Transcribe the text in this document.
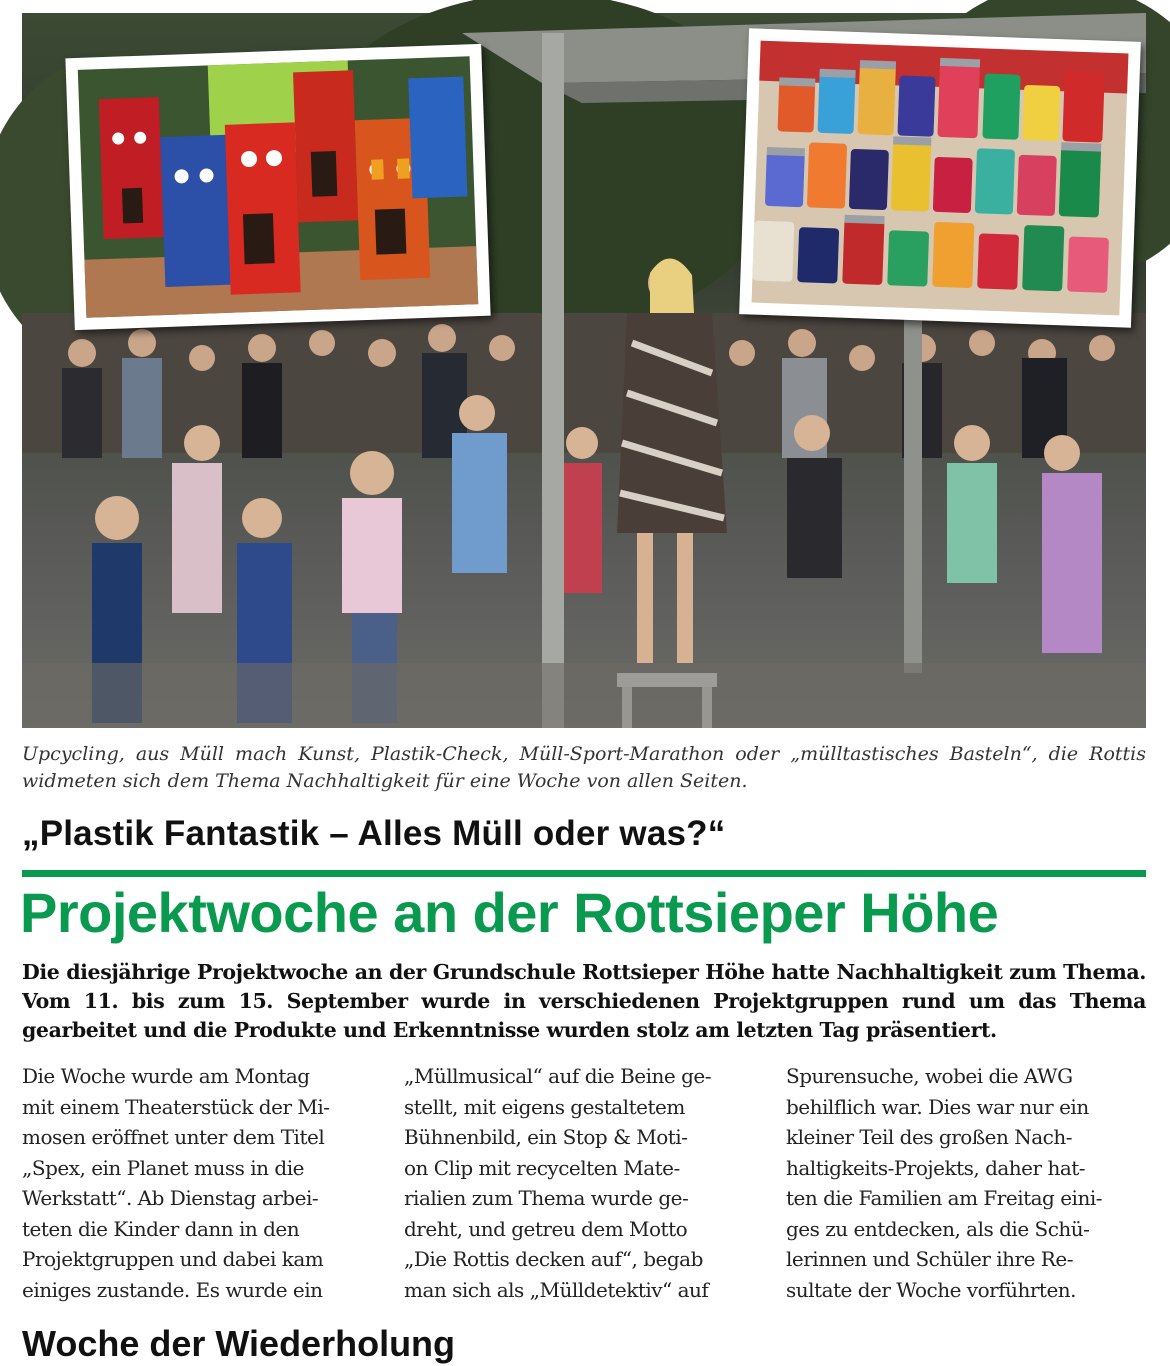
Upcycling, aus Müll mach Kunst, Plastik-Check, Müll-Sport-Marathon oder „mülltastisches Basteln“, die Rottis widmeten sich dem Thema Nachhaltigkeit für eine Woche von allen Seiten.
„Plastik Fantastik – Alles Müll oder was?“
Projektwoche an der Rottsieper Höhe
Die diesjährige Projektwoche an der Grundschule Rottsieper Höhe hatte Nachhaltigkeit zum Thema. Vom 11. bis zum 15. September wurde in verschiedenen Projektgruppen rund um das Thema gearbeitet und die Produkte und Erkenntnisse wurden stolz am letzten Tag präsentiert.
Die Woche wurde am Montag
mit einem Theaterstück der Mi-
mosen eröffnet unter dem Titel
„Spex, ein Planet muss in die
Werkstatt“. Ab Dienstag arbei-
teten die Kinder dann in den
Projektgruppen und dabei kam
einiges zustande. Es wurde ein
„Müllmusical“ auf die Beine ge-
stellt, mit eigens gestaltetem
Bühnenbild, ein Stop & Moti-
on Clip mit recycelten Mate-
rialien zum Thema wurde ge-
dreht, und getreu dem Motto
„Die Rottis decken auf“, begab
man sich als „Mülldetektiv“ auf
Spurensuche, wobei die AWG
behilflich war. Dies war nur ein
kleiner Teil des großen Nach-
haltigkeits-Projekts, daher hat-
ten die Familien am Freitag eini-
ges zu entdecken, als die Schü-
lerinnen und Schüler ihre Re-
sultate der Woche vorführten.
Woche der Wiederholung
